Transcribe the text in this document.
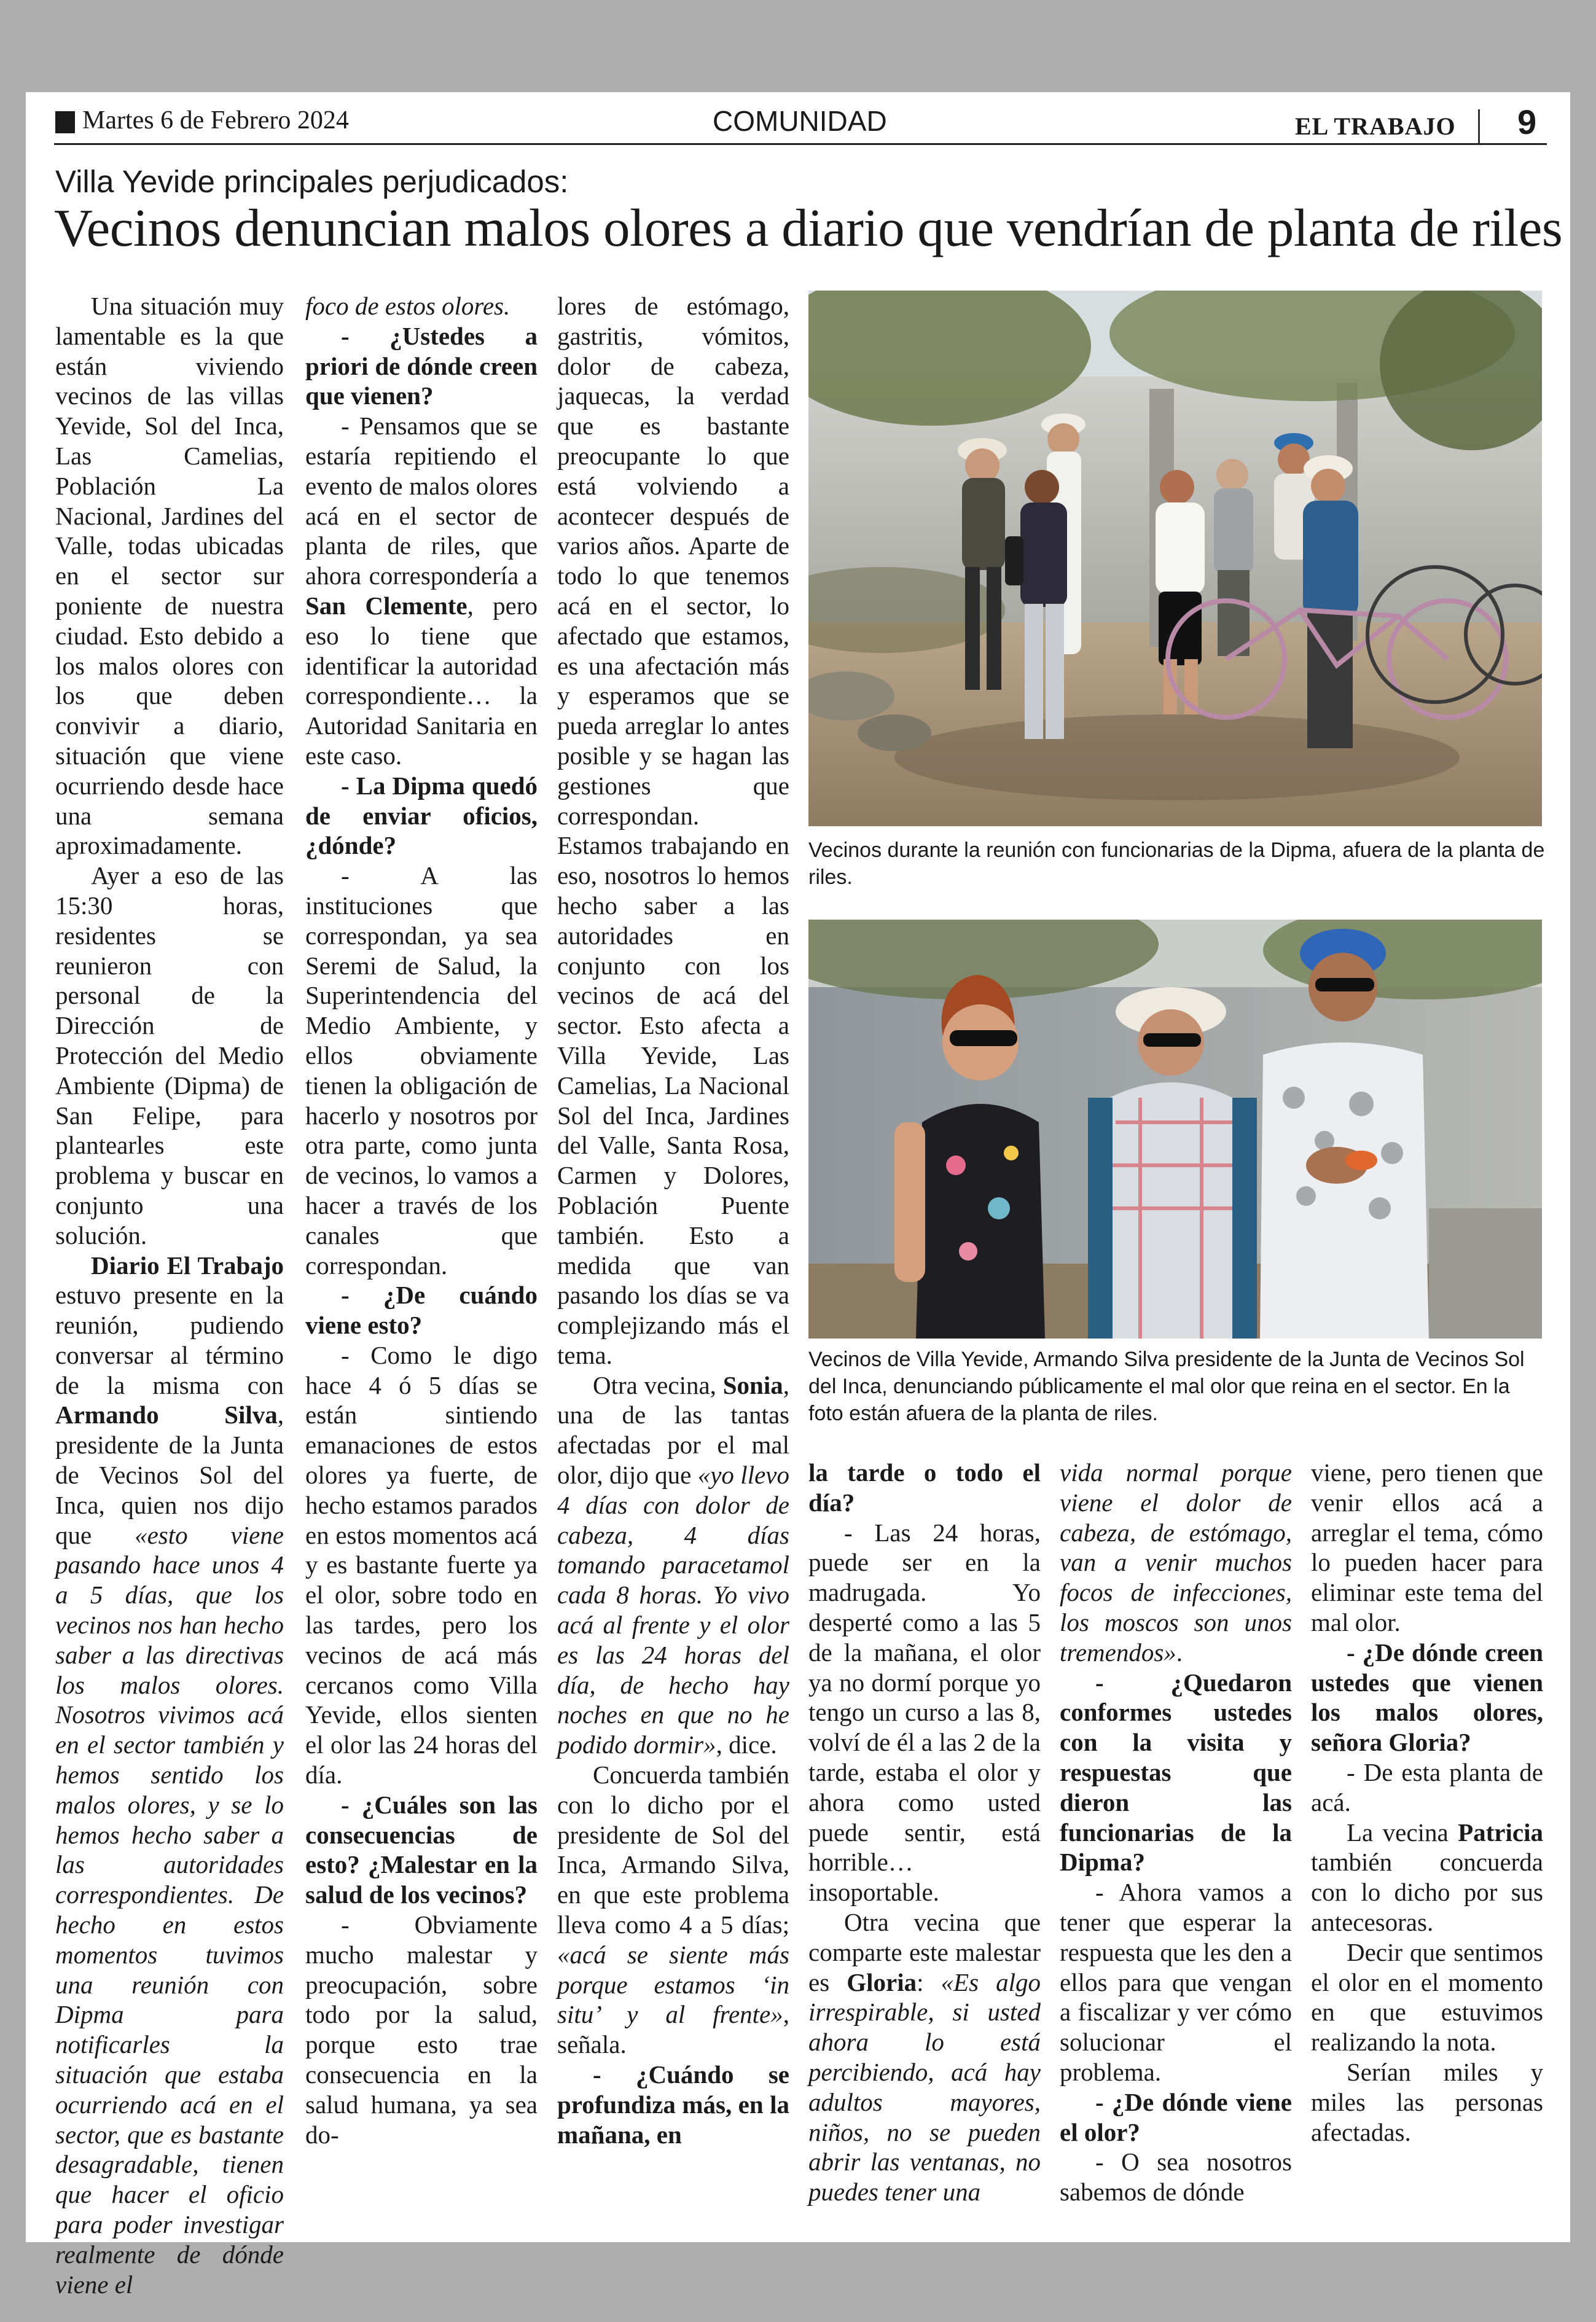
Martes 6 de Febrero 2024	COMUNIDAD	EL TRABAJO 9
Villa Yevide principales perjudicados:
Vecinos denuncian malos olores a diario que vendrían de planta de riles

Una situación muy lamentable es la que están viviendo vecinos de las villas Yevide, Sol del Inca, Las Camelias, Población La Nacional, Jardines del Valle, todas ubicadas en el sector sur poniente de nuestra ciudad. Esto debido a los malos olores con los que deben convivir a diario, situación que viene ocurriendo desde hace una semana aproximadamente.

Ayer a eso de las 15:30 horas, residentes se reunieron con personal de la Dirección de Protección del Medio Ambiente (Dipma) de San Felipe, para plantearles este problema y buscar en conjunto una solución.

Diario El Trabajo estuvo presente en la reunión, pudiendo conversar al término de la misma con Armando Silva, presidente de la Junta de Vecinos Sol del Inca, quien nos dijo que «esto viene pasando hace unos 4 a 5 días, que los vecinos nos han hecho saber a las directivas los malos olores. Nosotros vivimos acá en el sector también y hemos sentido los malos olores, y se lo hemos hecho saber a las autoridades correspondientes. De hecho en estos momentos tuvimos una reunión con Dipma para notificarles la situación que estaba ocurriendo acá en el sector, que es bastante desagradable, tienen que hacer el oficio para poder investigar realmente de dónde viene el

foco de estos olores.

- ¿Ustedes a priori de dónde creen que vienen?

- Pensamos que se estaría repitiendo el evento de malos olores acá en el sector de planta de riles, que ahora correspondería a San Clemente, pero eso lo tiene que identificar la autoridad correspondiente… la Autoridad Sanitaria en este caso.

- La Dipma quedó de enviar oficios, ¿dónde?

- A las instituciones que correspondan, ya sea Seremi de Salud, la Superintendencia del Medio Ambiente, y ellos obviamente tienen la obligación de hacerlo y nosotros por otra parte, como junta de vecinos, lo vamos a hacer a través de los canales que correspondan.

- ¿De cuándo viene esto?

- Como le digo hace 4 ó 5 días se están sintiendo emanaciones de estos olores ya fuerte, de hecho estamos parados en estos momentos acá y es bastante fuerte ya el olor, sobre todo en las tardes, pero los vecinos de acá más cercanos como Villa Yevide, ellos sienten el olor las 24 horas del día.

- ¿Cuáles son las consecuencias de esto? ¿Malestar en la salud de los vecinos?

- Obviamente mucho malestar y preocupación, sobre todo por la salud, porque esto trae consecuencia en la salud humana, ya sea do-

lores de estómago, gastritis, vómitos, dolor de cabeza, jaquecas, la verdad que es bastante preocupante lo que está volviendo a acontecer después de varios años. Aparte de todo lo que tenemos acá en el sector, lo afectado que estamos, es una afectación más y esperamos que se pueda arreglar lo antes posible y se hagan las gestiones que correspondan. Estamos trabajando en eso, nosotros lo hemos hecho saber a las autoridades en conjunto con los vecinos de acá del sector. Esto afecta a Villa Yevide, Las Camelias, La Nacional Sol del Inca, Jardines del Valle, Santa Rosa, Carmen y Dolores, Población Puente también. Esto a medida que van pasando los días se va complejizando más el tema.

Otra vecina, Sonia, una de las tantas afectadas por el mal olor, dijo que «yo llevo 4 días con dolor de cabeza, 4 días tomando paracetamol cada 8 horas. Yo vivo acá al frente y el olor es las 24 horas del día, de hecho hay noches en que no he podido dormir», dice.

Concuerda también con lo dicho por el presidente de Sol del Inca, Armando Silva, en que este problema lleva como 4 a 5 días; «acá se siente más porque estamos ‘in situ’ y al frente», señala.

- ¿Cuándo se profundiza más, en la mañana, en

Vecinos durante la reunión con funcionarias de la Dipma, afuera de la planta de riles.
Vecinos de Villa Yevide, Armando Silva presidente de la Junta de Vecinos Sol del Inca, denunciando públicamente el mal olor que reina en el sector. En la foto están afuera de la planta de riles.

la tarde o todo el día?

- Las 24 horas, puede ser en la madrugada. Yo desperté como a las 5 de la mañana, el olor ya no dormí porque yo tengo un curso a las 8, volví de él a las 2 de la tarde, estaba el olor y ahora como usted puede sentir, está horrible… insoportable.

Otra vecina que comparte este malestar es Gloria: «Es algo irrespirable, si usted ahora lo está percibiendo, acá hay adultos mayores, niños, no se pueden abrir las ventanas, no puedes tener una

vida normal porque viene el dolor de cabeza, de estómago, van a venir muchos focos de infecciones, los moscos son unos tremendos».

- ¿Quedaron conformes ustedes con la visita y respuestas que dieron las funcionarias de la Dipma?

- Ahora vamos a tener que esperar la respuesta que les den a ellos para que vengan a fiscalizar y ver cómo solucionar el problema.

- ¿De dónde viene el olor?

- O sea nosotros sabemos de dónde

viene, pero tienen que venir ellos acá a arreglar el tema, cómo lo pueden hacer para eliminar este tema del mal olor.

- ¿De dónde creen ustedes que vienen los malos olores, señora Gloria?

- De esta planta de acá.

La vecina Patricia también concuerda con lo dicho por sus antecesoras.

Decir que sentimos el olor en el momento en que estuvimos realizando la nota.

Serían miles y miles las personas afectadas.
